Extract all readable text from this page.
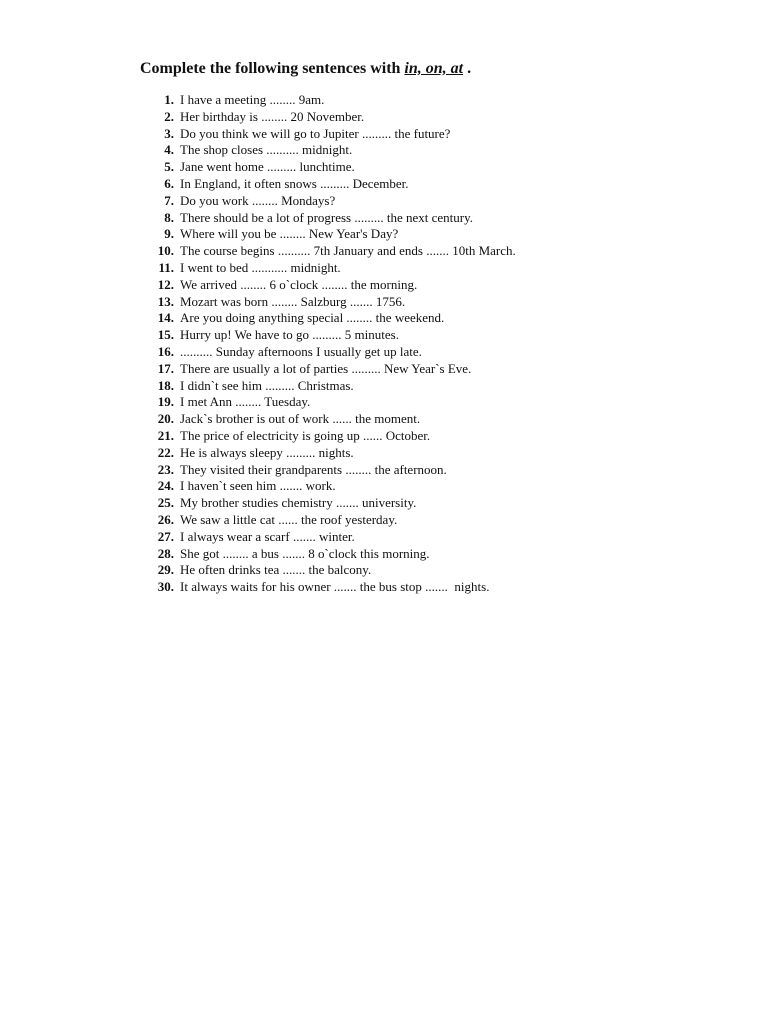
Complete the following sentences with in, on, at .
1. I have a meeting ........ 9am.
2. Her birthday is ........ 20 November.
3. Do you think we will go to Jupiter ......... the future?
4. The shop closes .......... midnight.
5. Jane went home ......... lunchtime.
6. In England, it often snows ......... December.
7. Do you work ........ Mondays?
8. There should be a lot of progress ......... the next century.
9. Where will you be ........ New Year's Day?
10. The course begins .......... 7th January and ends ....... 10th March.
11. I went to bed ........... midnight.
12. We arrived ........ 6 o`clock ........ the morning.
13. Mozart was born ........ Salzburg ....... 1756.
14. Are you doing anything special ........ the weekend.
15. Hurry up! We have to go ......... 5 minutes.
16. .......... Sunday afternoons I usually get up late.
17. There are usually a lot of parties ......... New Year`s Eve.
18. I didn`t see him ......... Christmas.
19. I met Ann ........ Tuesday.
20. Jack`s brother is out of work ...... the moment.
21. The price of electricity is going up ...... October.
22. He is always sleepy ......... nights.
23. They visited their grandparents ........ the afternoon.
24. I haven`t seen him ....... work.
25. My brother studies chemistry ....... university.
26. We saw a little cat ...... the roof yesterday.
27. I always wear a scarf ....... winter.
28. She got ........ a bus ....... 8 o`clock this morning.
29. He often drinks tea ....... the balcony.
30. It always waits for his owner ....... the bus stop .......  nights.
